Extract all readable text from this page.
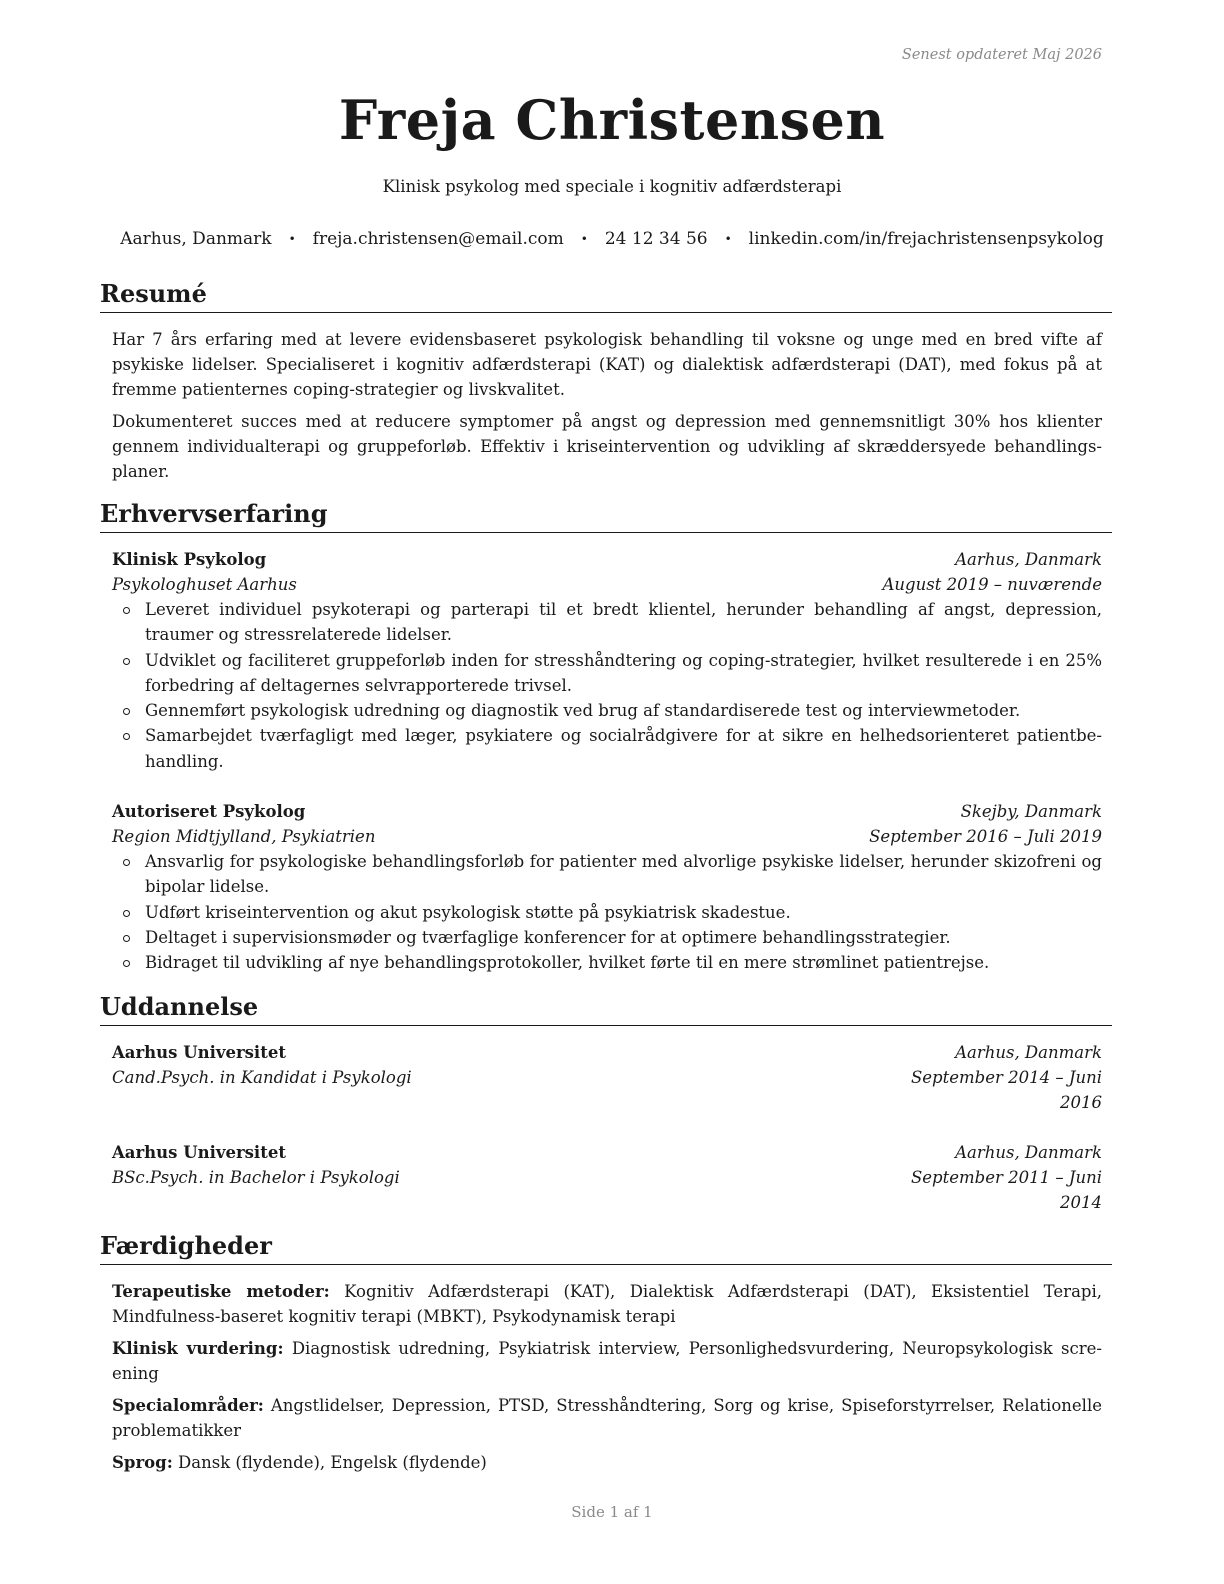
Senest opdateret Maj 2026
Freja Christensen
Klinisk psykolog med speciale i kognitiv adfærdsterapi
Aarhus, Danmark • freja.christensen@email.com • 24 12 34 56 • linkedin.com/in/frejachristensenpsykolog
Resumé

Har 7 års erfaring med at levere evidensbaseret psykologisk behandling til voksne og unge med en bred vifte af psykiske lidelser. Specialiseret i kognitiv adfærdsterapi (KAT) og dialektisk adfærdsterapi (DAT), med fokus på at fremme patienternes coping-strategier og livskvalitet.

Dokumenteret succes med at reducere symptomer på angst og depression med gennemsnitligt 30% hos klienter gennem individualterapi og gruppeforløb. Effektiv i kriseintervention og udvikling af skræddersyede behandlings-planer.

Erhvervserfaring
Klinisk Psykolog	Aarhus, Danmark
Psykologhuset Aarhus	August 2019 – nuværende
Leveret individuel psykoterapi og parterapi til et bredt klientel, herunder behandling af angst, depression, traumer og stressrelaterede lidelser.
Udviklet og faciliteret gruppeforløb inden for stresshåndtering og coping-strategier, hvilket resulterede i en 25% forbedring af deltagernes selvrapporterede trivsel.
Gennemført psykologisk udredning og diagnostik ved brug af standardiserede test og interviewmetoder.
Samarbejdet tværfagligt med læger, psykiatere og socialrådgivere for at sikre en helhedsorienteret patientbe-handling.
Autoriseret Psykolog	Skejby, Danmark
Region Midtjylland, Psykiatrien	September 2016 – Juli 2019
Ansvarlig for psykologiske behandlingsforløb for patienter med alvorlige psykiske lidelser, herunder skizofreni og bipolar lidelse.
Udført kriseintervention og akut psykologisk støtte på psykiatrisk skadestue.
Deltaget i supervisionsmøder og tværfaglige konferencer for at optimere behandlingsstrategier.
Bidraget til udvikling af nye behandlingsprotokoller, hvilket førte til en mere strømlinet patientrejse.
Uddannelse
Aarhus Universitet	Aarhus, Danmark
Cand.Psych. in Kandidat i Psykologi	September 2014 – Juni
2016
Aarhus Universitet	Aarhus, Danmark
BSc.Psych. in Bachelor i Psykologi	September 2011 – Juni
2014
Færdigheder
Terapeutiske metoder: Kognitiv Adfærdsterapi (KAT), Dialektisk Adfærdsterapi (DAT), Eksistentiel Terapi, Mindfulness-baseret kognitiv terapi (MBKT), Psykodynamisk terapi
Klinisk vurdering: Diagnostisk udredning, Psykiatrisk interview, Personlighedsvurdering, Neuropsykologisk scre-ening
Specialområder: Angstlidelser, Depression, PTSD, Stresshåndtering, Sorg og krise, Spiseforstyrrelser, Relationelle problematikker
Sprog: Dansk (flydende), Engelsk (flydende)
Side 1 af 1
